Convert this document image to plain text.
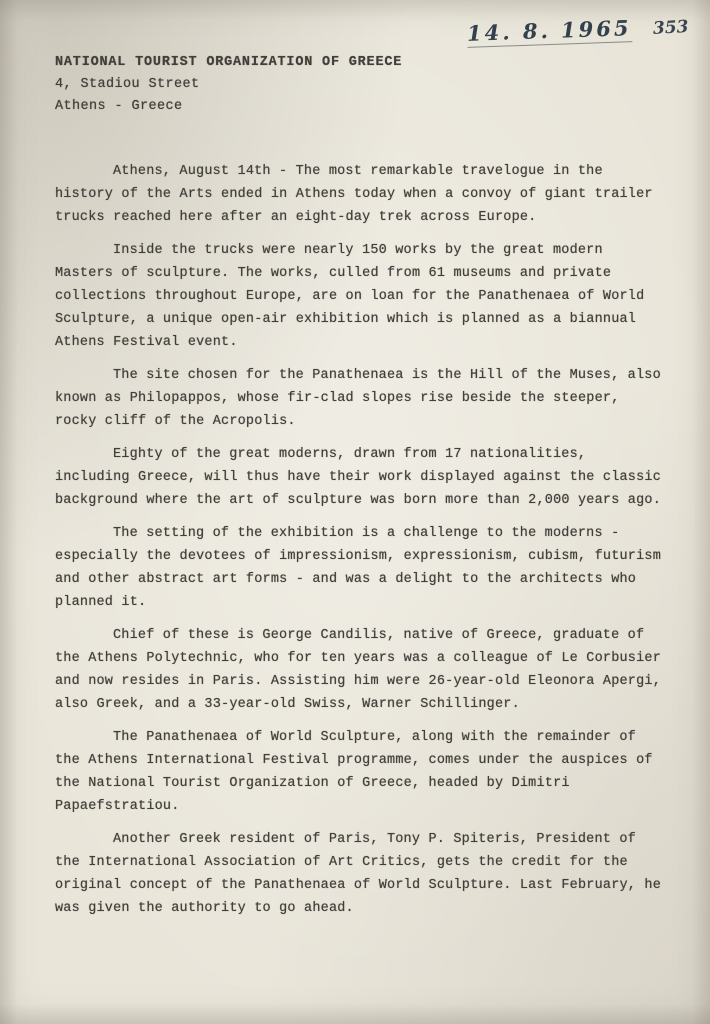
14. 8. 1965 353
NATIONAL TOURIST ORGANIZATION OF GREECE
4, Stadiou Street
Athens - Greece

Athens, August 14th - The most remarkable travelogue in the history of the Arts ended in Athens today when a convoy of giant trailer trucks reached here after an eight-day trek across Europe.

Inside the trucks were nearly 150 works by the great modern Masters of sculpture. The works, culled from 61 museums and private collections throughout Europe, are on loan for the Panathenaea of World Sculpture, a unique open-air exhibition which is planned as a biannual Athens Festival event.

The site chosen for the Panathenaea is the Hill of the Muses, also known as Philopappos, whose fir-clad slopes rise beside the steeper, rocky cliff of the Acropolis.

Eighty of the great moderns, drawn from 17 nationalities, including Greece, will thus have their work displayed against the classic background where the art of sculpture was born more than 2,000 years ago.

The setting of the exhibition is a challenge to the moderns - especially the devotees of impressionism, expressionism, cubism, futurism and other abstract art forms - and was a delight to the architects who planned it.

Chief of these is George Candilis, native of Greece, graduate of the Athens Polytechnic, who for ten years was a colleague of Le Corbusier and now resides in Paris. Assisting him were 26-year-old Eleonora Apergi, also Greek, and a 33-year-old Swiss, Warner Schillinger.

The Panathenaea of World Sculpture, along with the remainder of the Athens International Festival programme, comes under the auspices of the National Tourist Organization of Greece, headed by Dimitri Papaefstratiou.

Another Greek resident of Paris, Tony P. Spiteris, President of the International Association of Art Critics, gets the credit for the original concept of the Panathenaea of World Sculpture. Last February, he was given the authority to go ahead.
